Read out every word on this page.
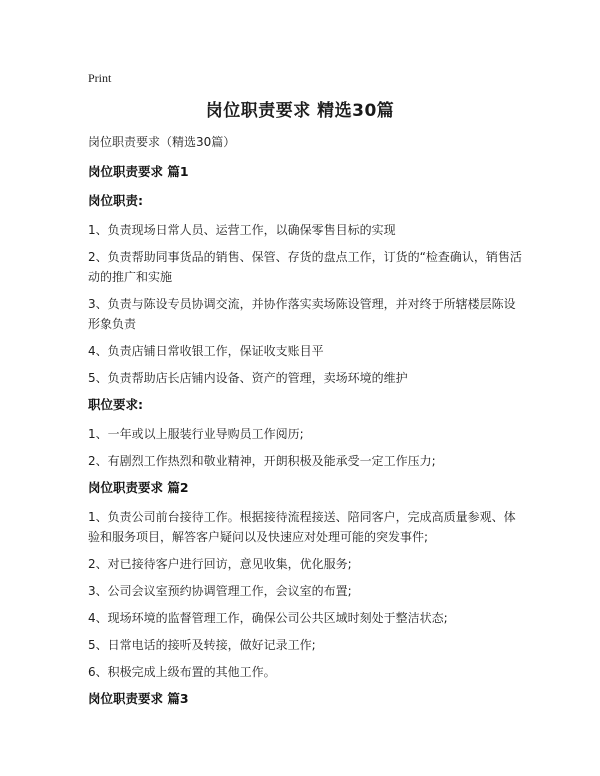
Print
岗位职责要求 精选30篇
岗位职责要求（精选30篇）
岗位职责要求 篇1
岗位职责:
1、负责现场日常人员、运营工作，以确保零售目标的实现
2、负责帮助同事货品的销售、保管、存货的盘点工作，订货的“检查确认，销售活动的推广和实施
3、负责与陈设专员协调交流，并协作落实卖场陈设管理，并对终于所辖楼层陈设形象负责
4、负责店铺日常收银工作，保证收支账目平
5、负责帮助店长店铺内设备、资产的管理，卖场环境的维护
职位要求:
1、一年或以上服装行业导购员工作阅历;
2、有剧烈工作热烈和敬业精神，开朗积极及能承受一定工作压力;
岗位职责要求 篇2
1、负责公司前台接待工作。根据接待流程接送、陪同客户，完成高质量参观、体验和服务项目，解答客户疑问以及快速应对处理可能的突发事件;
2、对已接待客户进行回访，意见收集，优化服务;
3、公司会议室预约协调管理工作，会议室的布置;
4、现场环境的监督管理工作，确保公司公共区域时刻处于整洁状态;
5、日常电话的接听及转接，做好记录工作;
6、积极完成上级布置的其他工作。
岗位职责要求 篇3
